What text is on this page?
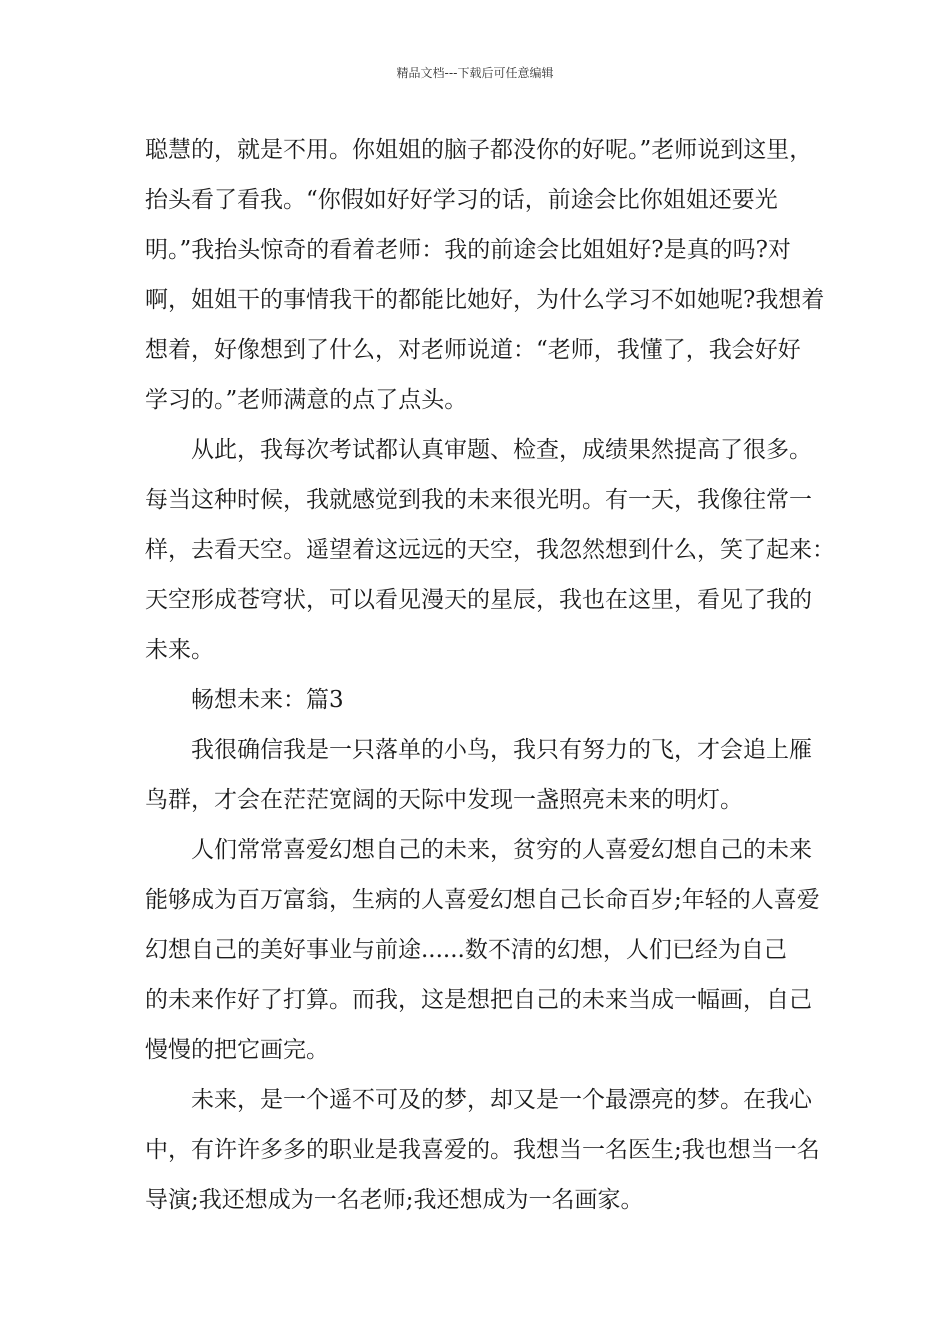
精品文档---下载后可任意编辑
聪慧的，就是不用。你姐姐的脑子都没你的好呢。”老师说到这里，
抬头看了看我。“你假如好好学习的话，前途会比你姐姐还要光
明。”我抬头惊奇的看着老师：我的前途会比姐姐好?是真的吗?对
啊，姐姐干的事情我干的都能比她好，为什么学习不如她呢?我想着
想着，好像想到了什么，对老师说道：“老师，我懂了，我会好好
学习的。”老师满意的点了点头。
从此，我每次考试都认真审题、检查，成绩果然提高了很多。
每当这种时候，我就感觉到我的未来很光明。有一天，我像往常一
样，去看天空。遥望着这远远的天空，我忽然想到什么，笑了起来：
天空形成苍穹状，可以看见漫天的星辰，我也在这里，看见了我的
未来。
畅想未来：篇3
我很确信我是一只落单的小鸟，我只有努力的飞，才会追上雁
鸟群，才会在茫茫宽阔的天际中发现一盏照亮未来的明灯。
人们常常喜爱幻想自己的未来，贫穷的人喜爱幻想自己的未来
能够成为百万富翁，生病的人喜爱幻想自己长命百岁;年轻的人喜爱
幻想自己的美好事业与前途......数不清的幻想，人们已经为自己
的未来作好了打算。而我，这是想把自己的未来当成一幅画，自己
慢慢的把它画完。
未来，是一个遥不可及的梦，却又是一个最漂亮的梦。在我心
中，有许许多多的职业是我喜爱的。我想当一名医生;我也想当一名
导演;我还想成为一名老师;我还想成为一名画家。
